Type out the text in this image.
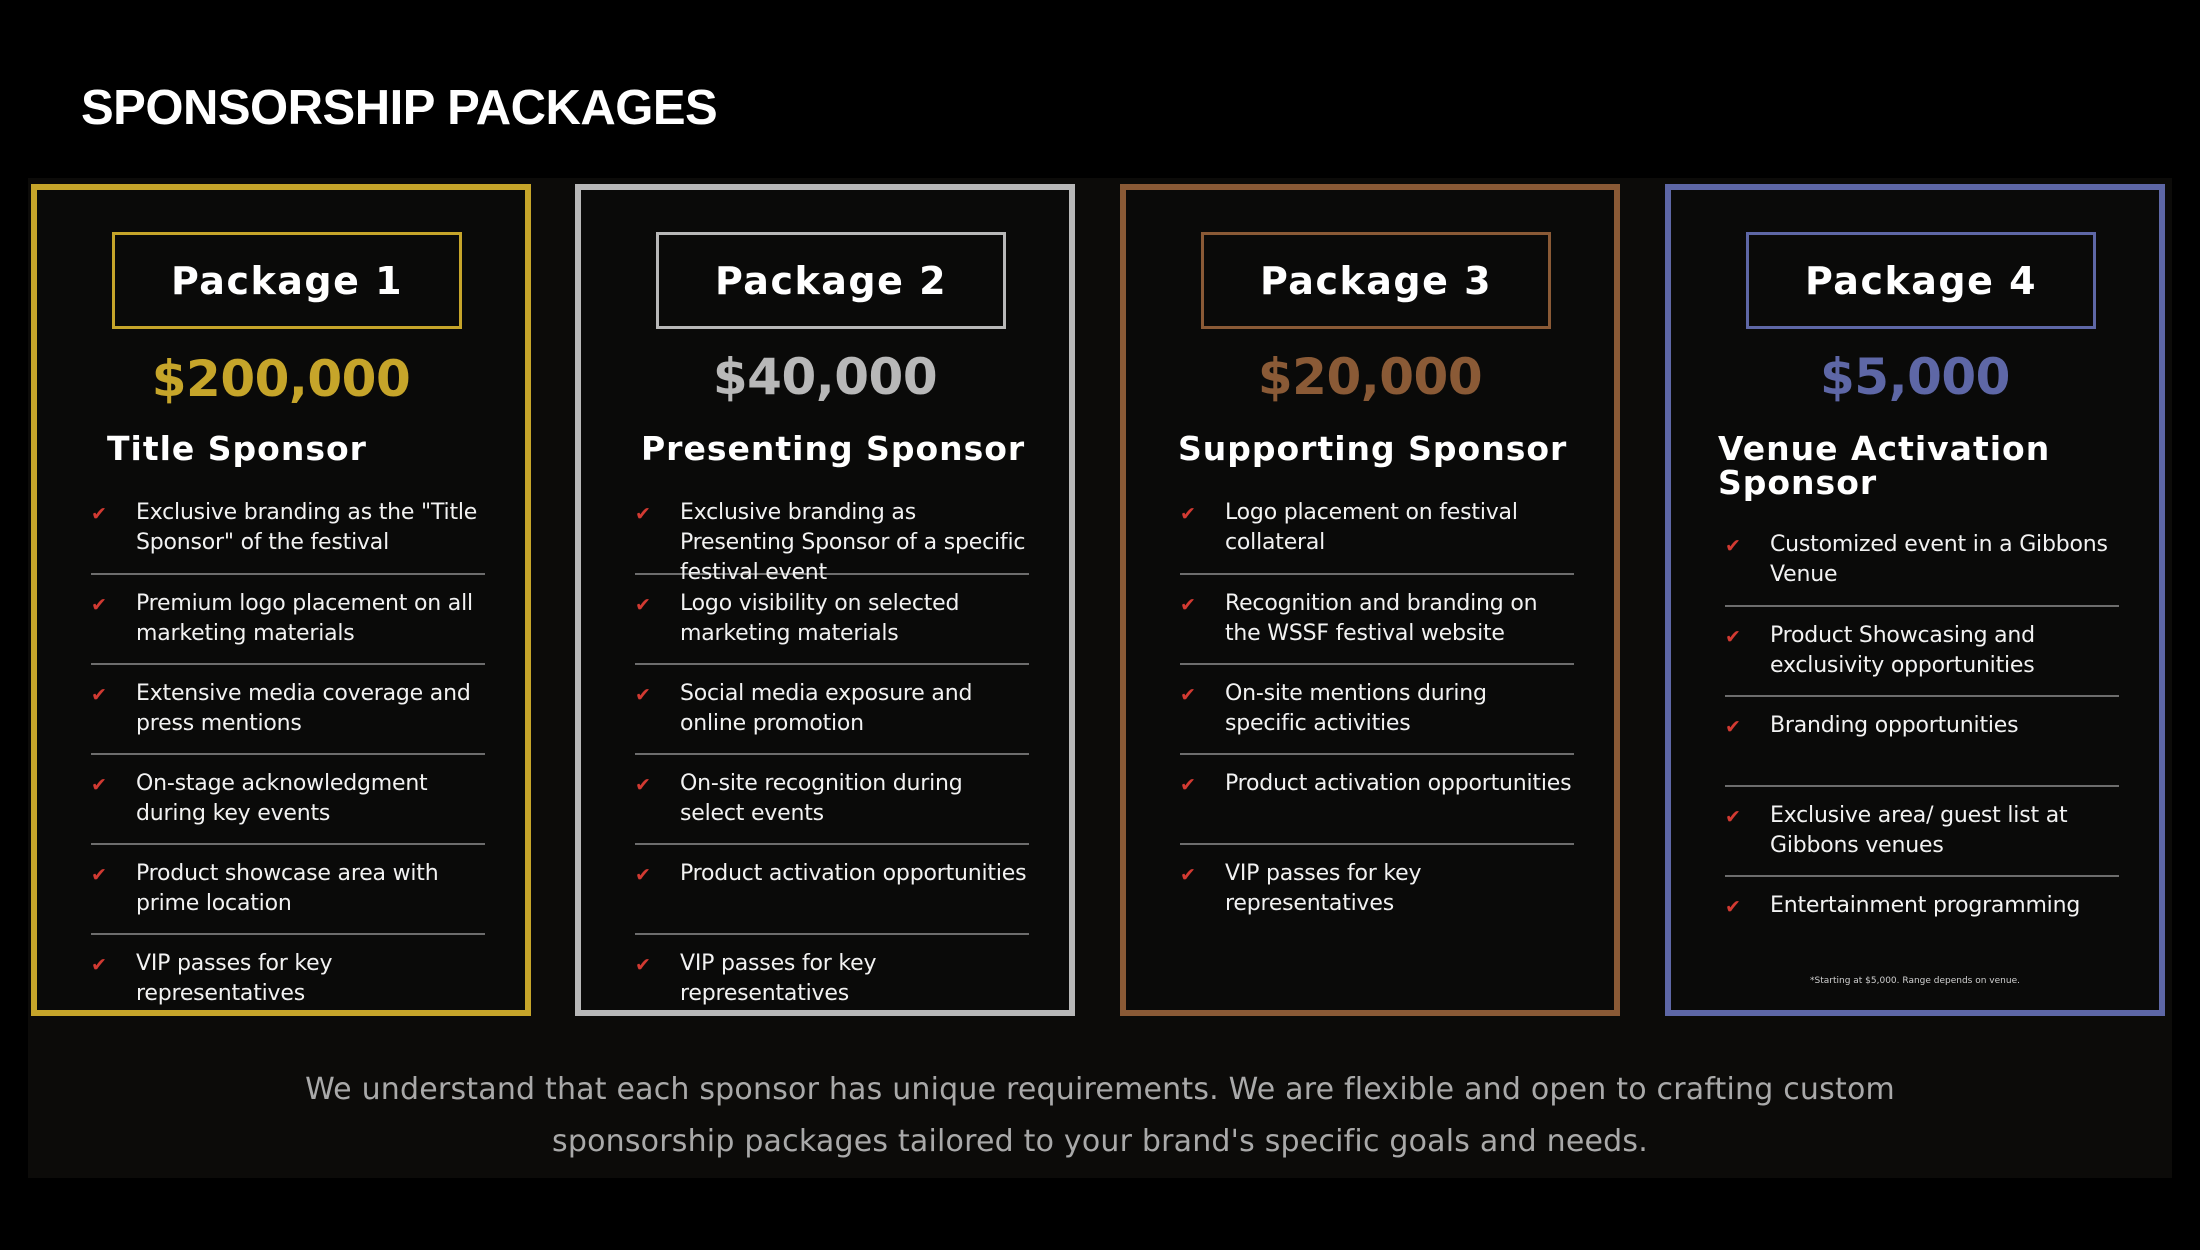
SPONSORSHIP PACKAGES
Package 1
$200,000
Title Sponsor
✔ Exclusive branding as the "Title Sponsor" of the festival
✔ Premium logo placement on all marketing materials
✔ Extensive media coverage and press mentions
✔ On-stage acknowledgment during key events
✔ Product showcase area with prime location
✔ VIP passes for key representatives
Package 2
$40,000
Presenting Sponsor
✔ Exclusive branding as Presenting Sponsor of a specific festival event
✔ Logo visibility on selected marketing materials
✔ Social media exposure and online promotion
✔ On-site recognition during select events
✔ Product activation opportunities
✔ VIP passes for key representatives
Package 3
$20,000
Supporting Sponsor
✔ Logo placement on festival collateral
✔ Recognition and branding on the WSSF festival website
✔ On-site mentions during specific activities
✔ Product activation opportunities
✔ VIP passes for key representatives
Package 4
$5,000
Venue Activation Sponsor
✔ Customized event in a Gibbons Venue
✔ Product Showcasing and exclusivity opportunities
✔ Branding opportunities
✔ Exclusive area/ guest list at Gibbons venues
✔ Entertainment programming
*Starting at $5,000. Range depends on venue.
We understand that each sponsor has unique requirements. We are flexible and open to crafting custom
sponsorship packages tailored to your brand's specific goals and needs.
